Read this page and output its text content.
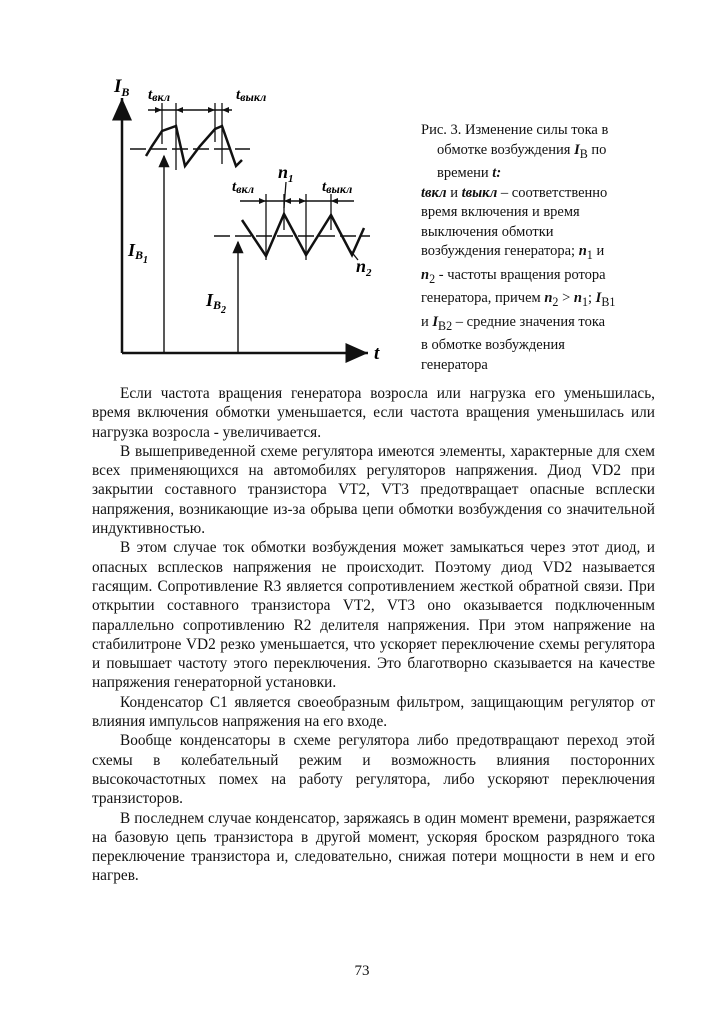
$I_B$
t
tвкл	tвыкл
$IB_1$
$n_1$
tвкл	tвыкл
$IB_2$
$n_2$
Рис. 3. Изменение силы тока в
обмотке возбуждения $I_В$ по
времени t:
tвкл и tвыкл – соответственно
время включения и время
выключения обмотки
возбуждения генератора; $n_1$ и
$n_2$ - частоты вращения ротора
генератора, причем $n_2 > n_1$; $I_{В1}$
и $I_{В2}$ – средние значения тока
в обмотке возбуждения
генератора

Если частота вращения генератора возросла или нагрузка его уменьшилась, время включения обмотки уменьшается, если частота вращения уменьшилась или нагрузка возросла - увеличивается.

В вышеприведенной схеме регулятора имеются элементы, характерные для схем всех применяющихся на автомобилях регуляторов напряжения. Диод VD2 при закрытии составного транзистора VT2, VT3 предотвращает опасные всплески напряжения, возникающие из-за обрыва цепи обмотки возбуждения со значительной индуктивностью.

В этом случае ток обмотки возбуждения может замыкаться через этот диод, и опасных всплесков напряжения не происходит. Поэтому диод VD2 называется гасящим. Сопротивление R3 является сопротивлением жесткой обратной связи. При открытии составного транзистора VT2, VT3 оно оказывается подключенным параллельно сопротивлению R2 делителя напряжения. При этом напряжение на стабилитроне VD2 резко уменьшается, что ускоряет переключение схемы регулятора и повышает частоту этого переключения. Это благотворно сказывается на качестве напряжения генераторной установки.

Конденсатор С1 является своеобразным фильтром, защищающим регулятор от влияния импульсов напряжения на его входе.

Вообще конденсаторы в схеме регулятора либо предотвращают переход этой схемы в колебательный режим и возможность влияния посторонних высокочастотных помех на работу регулятора, либо ускоряют переключения транзисторов.

В последнем случае конденсатор, заряжаясь в один момент времени, разряжается на базовую цепь транзистора в другой момент, ускоряя броском разрядного тока переключение транзистора и, следовательно, снижая потери мощности в нем и его нагрев.

73
